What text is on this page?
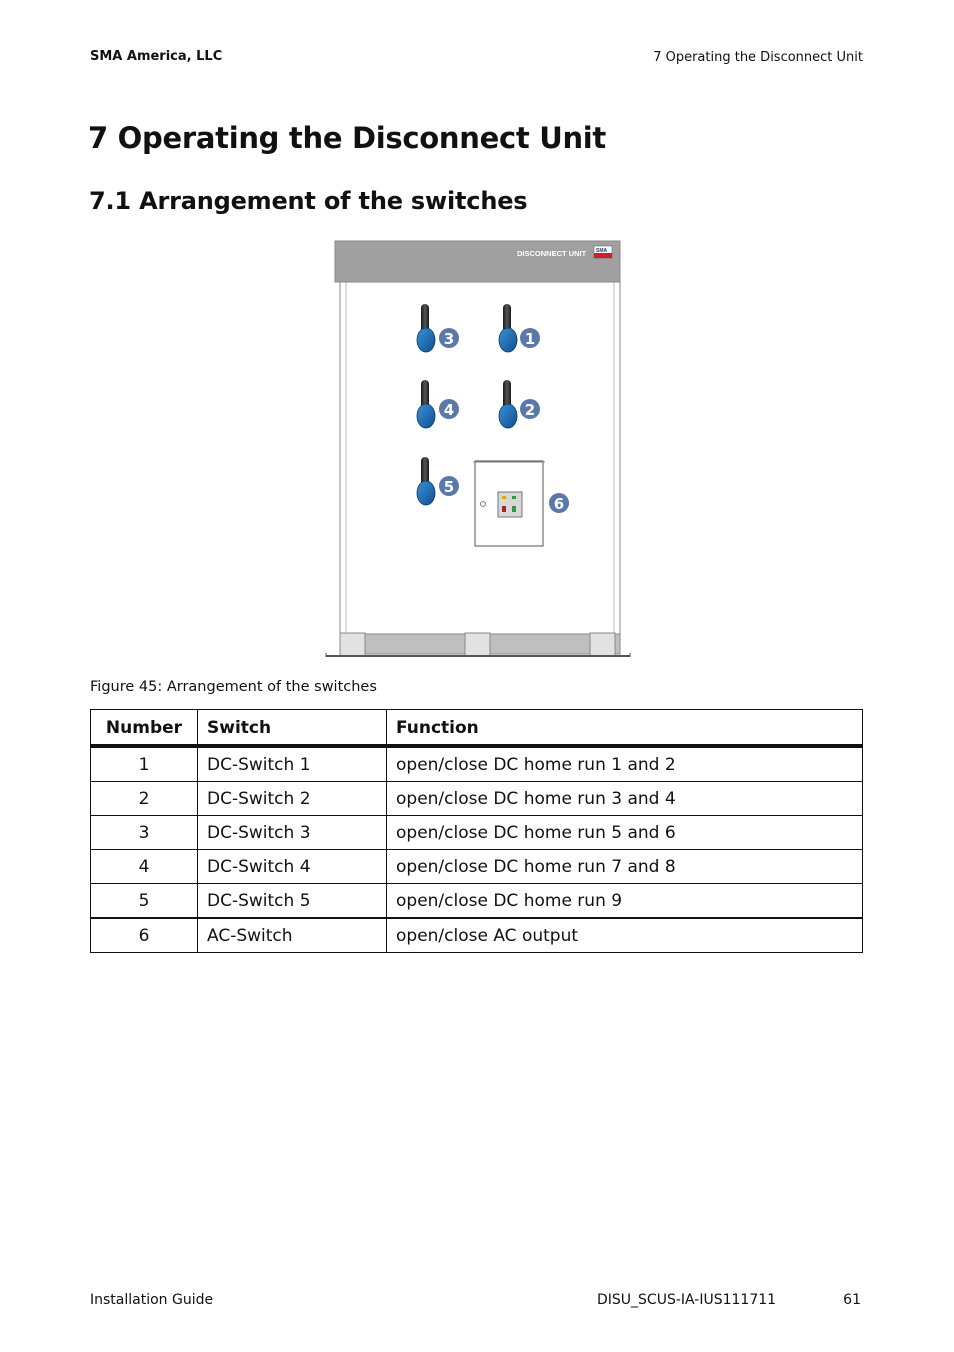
SMA America, LLC	7 Operating the Disconnect Unit
7 Operating the Disconnect Unit
7.1 Arrangement of the switches
DISCONNECT UNIT SMA
3	1
4	2
5
6
Figure 45: Arrangement of the switches
Number	Switch	Function
1	DC-Switch 1	open/close DC home run 1 and 2
2	DC-Switch 2	open/close DC home run 3 and 4
3	DC-Switch 3	open/close DC home run 5 and 6
4	DC-Switch 4	open/close DC home run 7 and 8
5	DC-Switch 5	open/close DC home run 9
6	AC-Switch	open/close AC output
Installation Guide	DISU_SCUS-IA-IUS111711	61
